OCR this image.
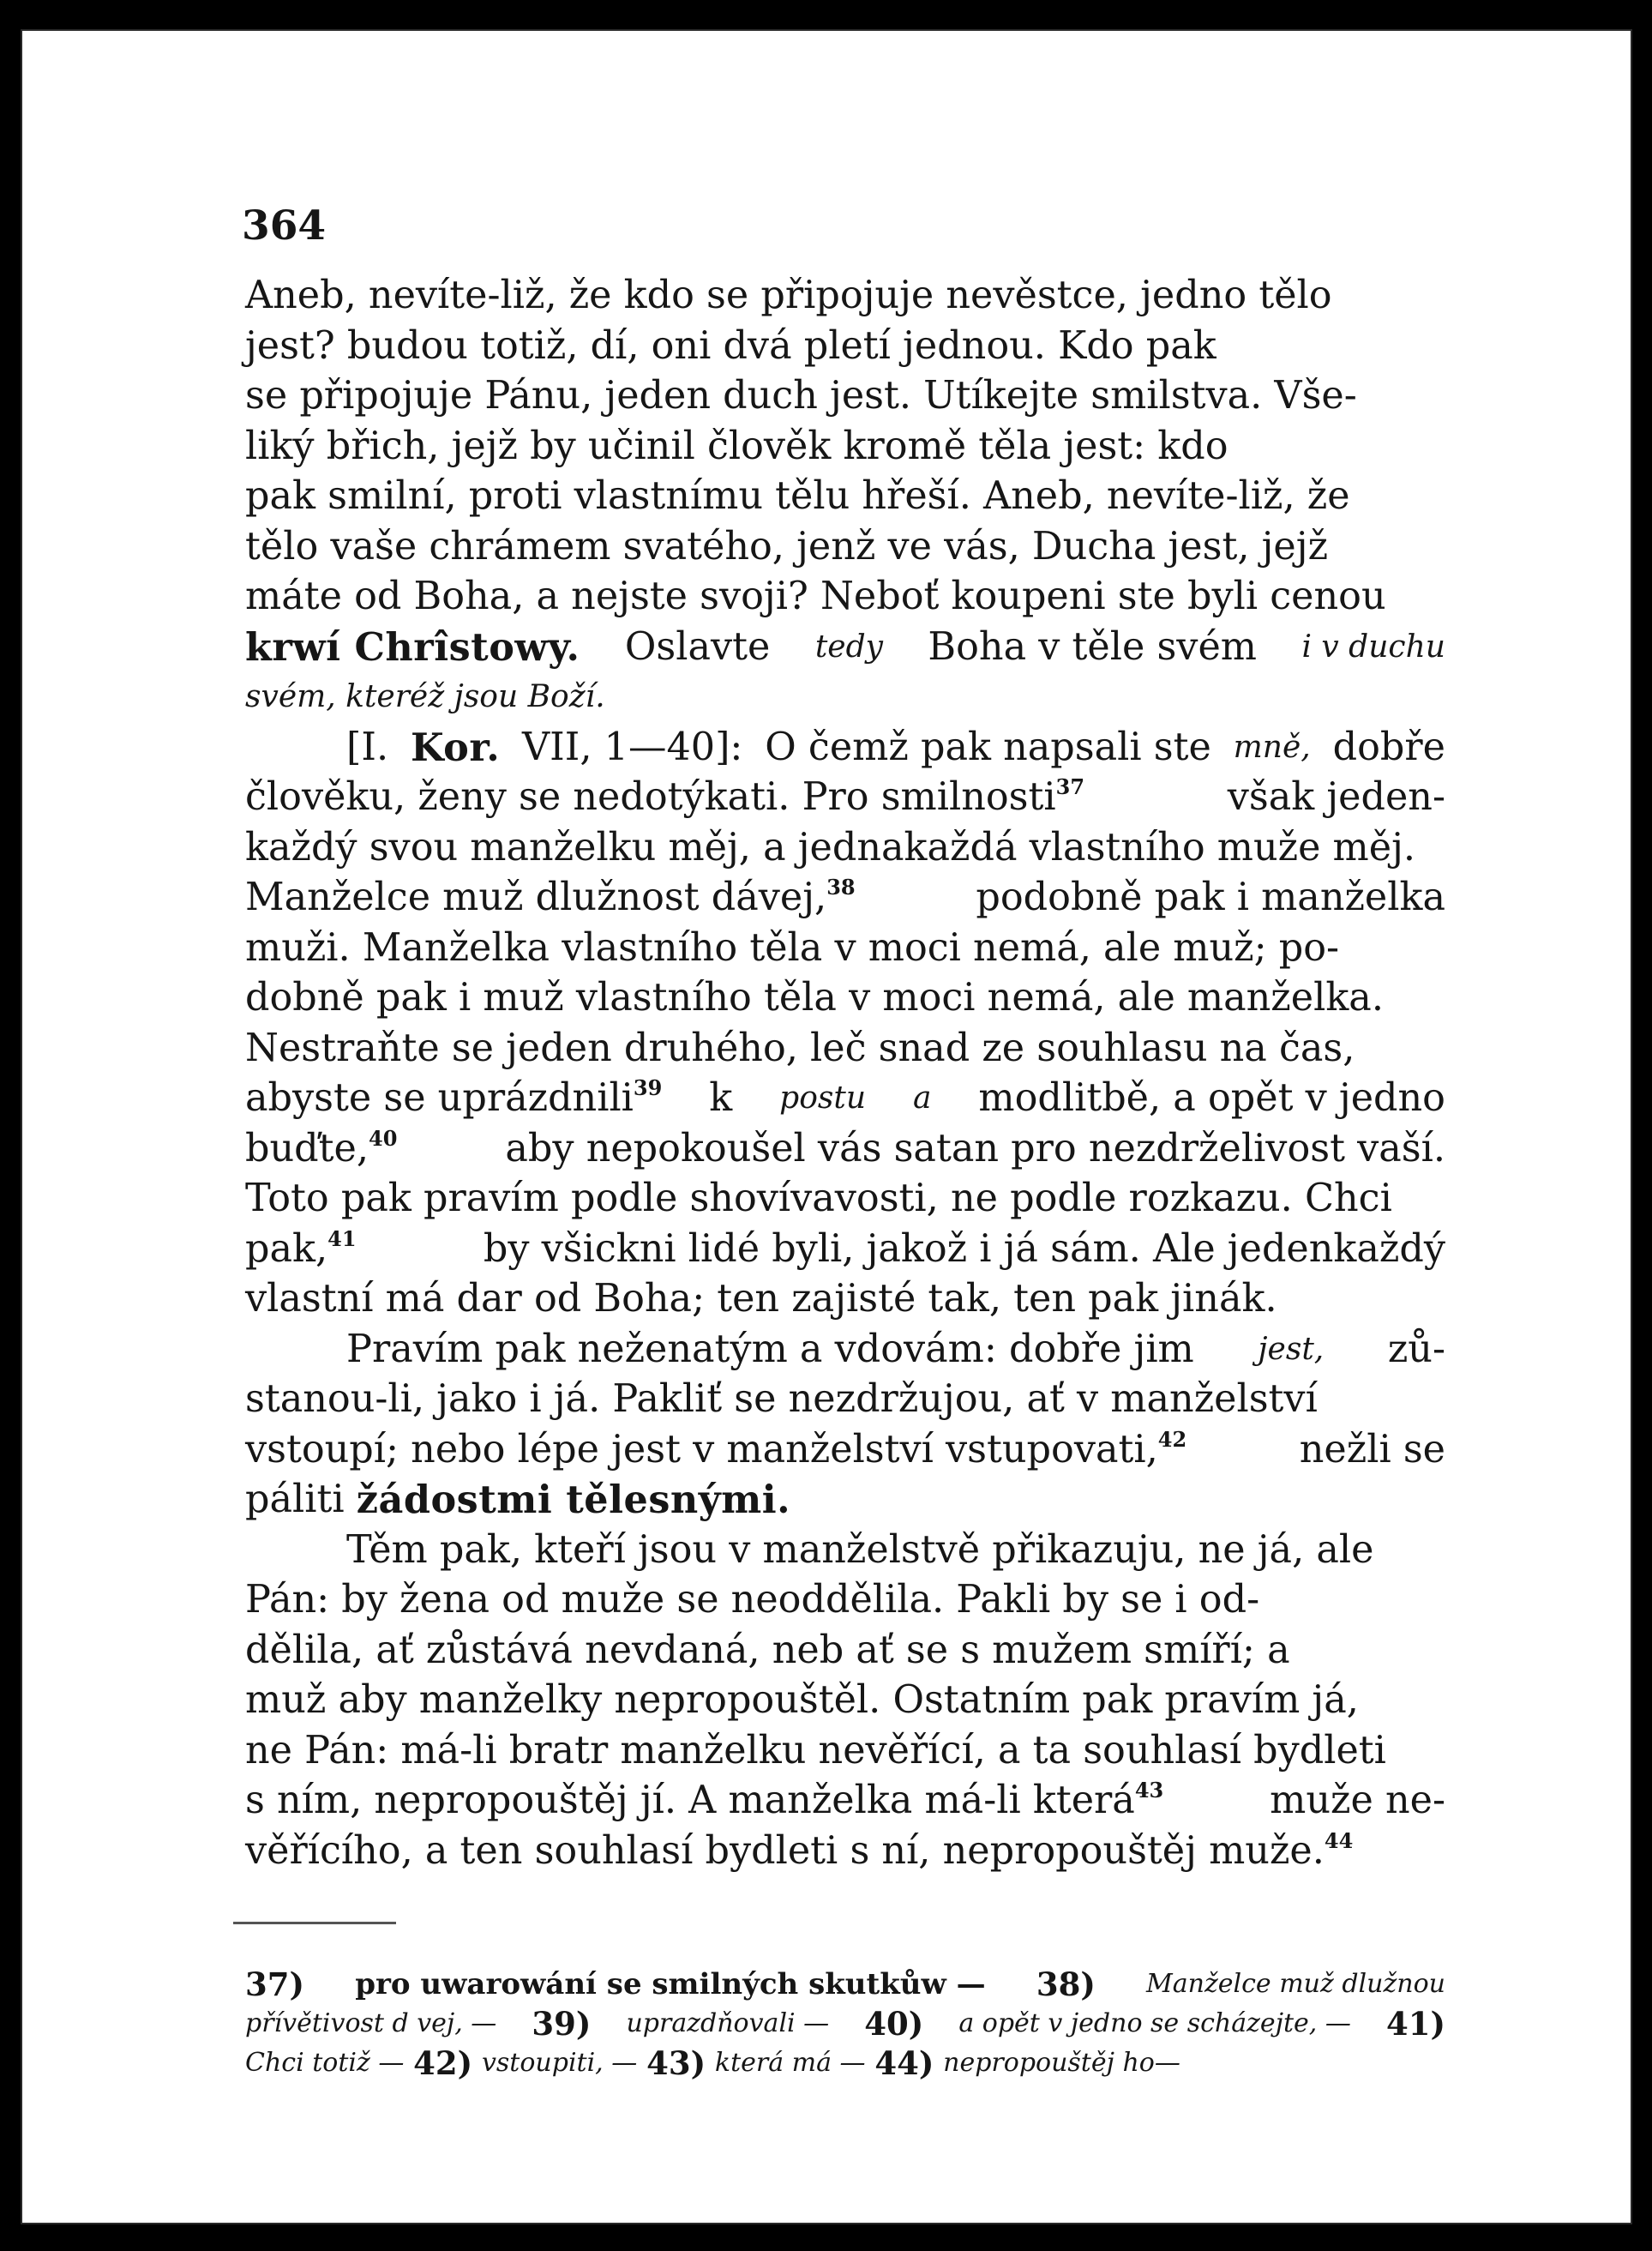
364
Aneb, nevíte-liž, že kdo se připojuje nevěstce, jedno tělo
jest? budou totiž, dí, oni dvá pletí jednou. Kdo pak
se připojuje Pánu, jeden duch jest. Utíkejte smilstva. Vše-
liký břich, jejž by učinil člověk kromě těla jest: kdo
pak smilní, proti vlastnímu tělu hřeší. Aneb, nevíte-liž, že
tělo vaše chrámem svatého, jenž ve vás, Ducha jest, jejž
máte od Boha, a nejste svoji? Neboť koupeni ste byli cenou
krwí Chrîstowy. Oslavte tedy Boha v těle svém i v duchu
svém, kteréž jsou Boží.
[I. Kor. VII, 1—40]: O čemž pak napsali ste mně, dobře
člověku, ženy se nedotýkati. Pro smilnosti$^{37}$	však jeden-
každý svou manželku měj, a jednakaždá vlastního muže měj.
Manželce muž dlužnost dávej,$^{38}$	podobně pak i manželka
muži. Manželka vlastního těla v moci nemá, ale muž; po-
dobně pak i muž vlastního těla v moci nemá, ale manželka.
Nestraňte se jeden druhého, leč snad ze souhlasu na čas,
abyste se uprázdnili$^{39}$ k postu a modlitbě, a opět v jedno
buďte,$^{40}$	aby nepokoušel vás satan pro nezdrželivost vaší.
Toto pak pravím podle shovívavosti, ne podle rozkazu. Chci
pak,$^{41}$	by všickni lidé byli, jakož i já sám. Ale jedenkaždý
vlastní má dar od Boha; ten zajisté tak, ten pak jinák.
Pravím pak neženatým a vdovám: dobře jim jest, zů-
stanou-li, jako i já. Pakliť se nezdržujou, ať v manželství
vstoupí; nebo lépe jest v manželství vstupovati,$^{42}$	nežli se
páliti
žádostmi tělesnými.
Těm pak, kteří jsou v manželstvě přikazuju, ne já, ale
Pán: by žena od muže se neoddělila. Pakli by se i od-
dělila, ať zůstává nevdaná, neb ať se s mužem smíří; a
muž aby manželky nepropouštěl. Ostatním pak pravím já,
ne Pán: má-li bratr manželku nevěřící, a ta souhlasí bydleti
s ním, nepropouštěj jí. A manželka má-li která$^{43}$	muže ne-
věřícího, a ten souhlasí bydleti s ní, nepropouštěj muže.$^{44}$
37) pro uwarowání se smilných skutkůw — 38) Manželce muž dlužnou
přívětivost d vej, — 39) uprazdňovali — 40) a opět v jedno se scházejte, — 41)
Chci totiž —
42)
vstoupiti, —
43)
která má —
44)
nepropouštěj ho—
